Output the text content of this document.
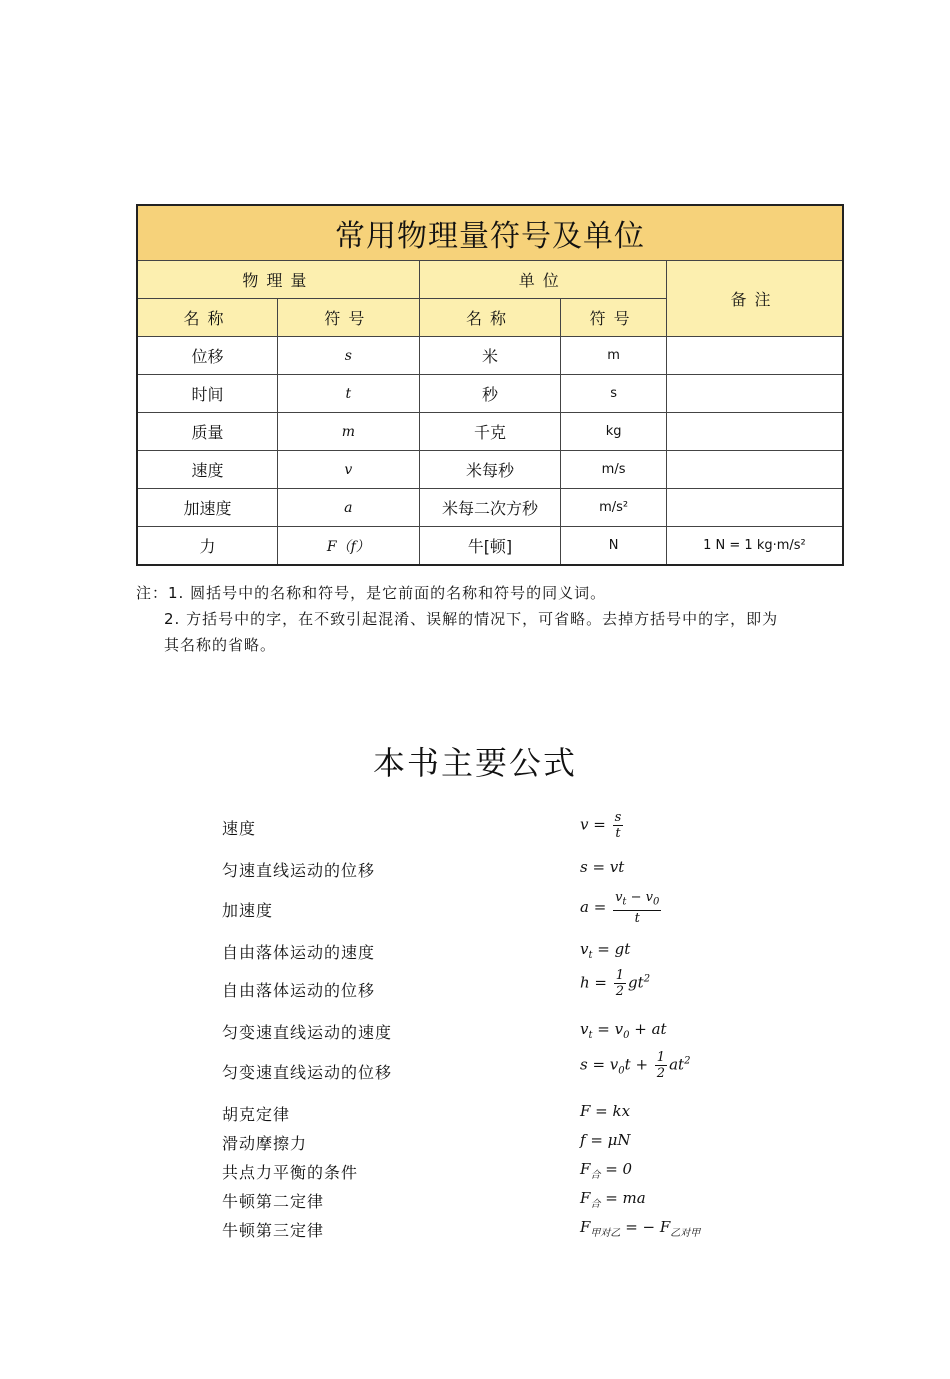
常用物理量符号及单位				
物理量		单位		备注
名称	符号	名称	符号	
位移	s	米	m	
时间	t	秒	s	
质量	m	千克	kg	
速度	v	米每秒	m/s	
加速度	a	米每二次方秒	m/s²	
力	F（f）	牛[顿]	N	1 N = 1 kg·m/s²
注：1. 圆括号中的名称和符号，是它前面的名称和符号的同义词。
2. 方括号中的字，在不致引起混淆、误解的情况下，可省略。去掉方括号中的字，即为
其名称的省略。
本书主要公式
速度	$v = \frac{s}{t}$
匀速直线运动的位移	s = vt
加速度	$a = \frac{v_t - v_0}{t}$
自由落体运动的速度	$v_t$ = gt
自由落体运动的位移	$h = \frac{1}{2} gt^2$
匀变速直线运动的速度	$v_t = v_0$ + at
匀变速直线运动的位移	$s = v_0t + \frac{1}{2} at^2$
胡克定律	F = kx
滑动摩擦力	f = μN
共点力平衡的条件	$F_合 = 0$
牛顿第二定律	$F_合$ = ma
牛顿第三定律	$F_{甲对乙}$ = − $F_{乙对甲}$
